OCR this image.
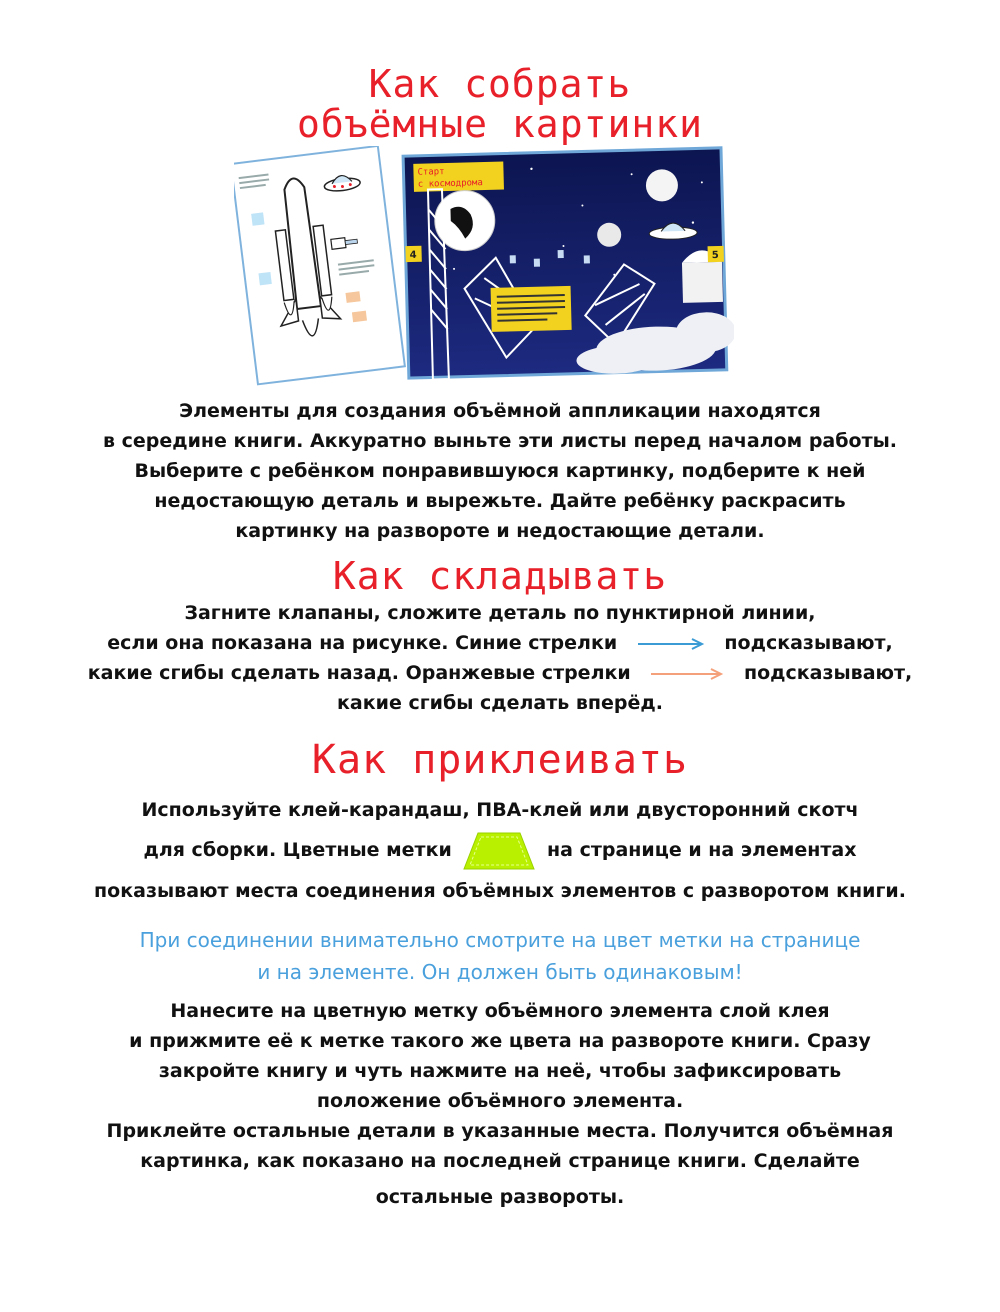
Как собрать
объёмные картинки
Старт
с космодрома
4	5

Элементы для создания объёмной аппликации находятся
в середине книги. Аккуратно выньте эти листы перед началом работы.
Выберите с ребёнком понравившуюся картинку, подберите к ней
недостающую деталь и вырежьте. Дайте ребёнку раскрасить
картинку на развороте и недостающие детали.

Как складывать

Загните клапаны, сложите деталь по пунктирной линии,
если она показана на рисунке. Синие стрелки	подсказывают,
какие сгибы сделать назад. Оранжевые стрелки	подсказывают,
какие сгибы сделать вперёд.

Как приклеивать

Используйте клей-карандаш, ПВА-клей или двусторонний скотч
для сборки. Цветные метки	на странице и на элементах
показывают места соединения объёмных элементов с разворотом книги.

При соединении внимательно смотрите на цвет метки на странице
и на элементе. Он должен быть одинаковым!

Нанесите на цветную метку объёмного элемента слой клея
и прижмите её к метке такого же цвета на развороте книги. Сразу
закройте книгу и чуть нажмите на неё, чтобы зафиксировать
положение объёмного элемента.
Приклейте остальные детали в указанные места. Получится объёмная
картинка, как показано на последней странице книги. Сделайте
остальные развороты.
